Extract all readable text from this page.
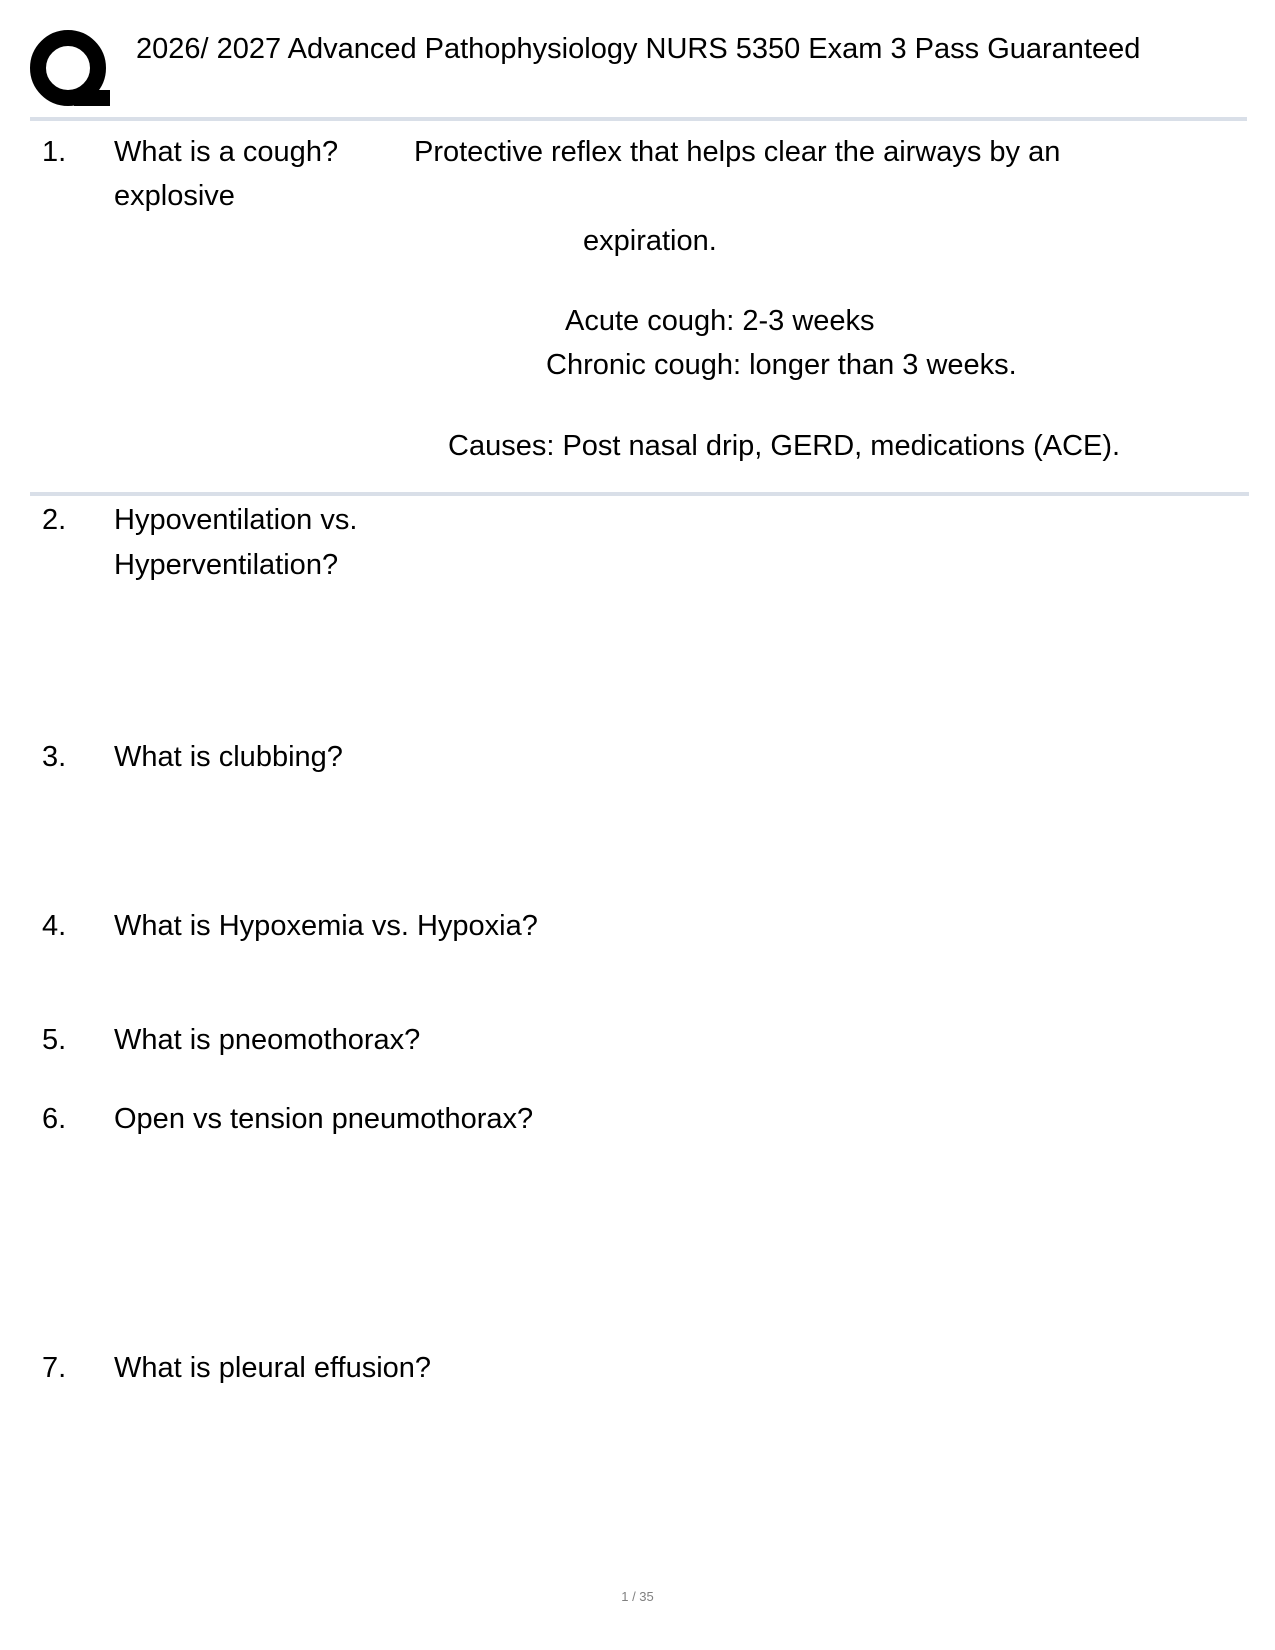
2026/ 2027 Advanced Pathophysiology NURS 5350 Exam 3 Pass Guaranteed
1. What is a cough?
explosive
Protective reflex that helps clear the airways by an
expiration.
Acute cough: 2-3 weeks
Chronic cough: longer than 3 weeks.
Causes: Post nasal drip, GERD, medications (ACE).
2. Hypoventilation vs.
Hyperventilation?
3. What is clubbing?
4. What is Hypoxemia vs. Hypoxia?
5. What is pneomothorax?
6. Open vs tension pneumothorax?
7. What is pleural effusion?
1 / 35
